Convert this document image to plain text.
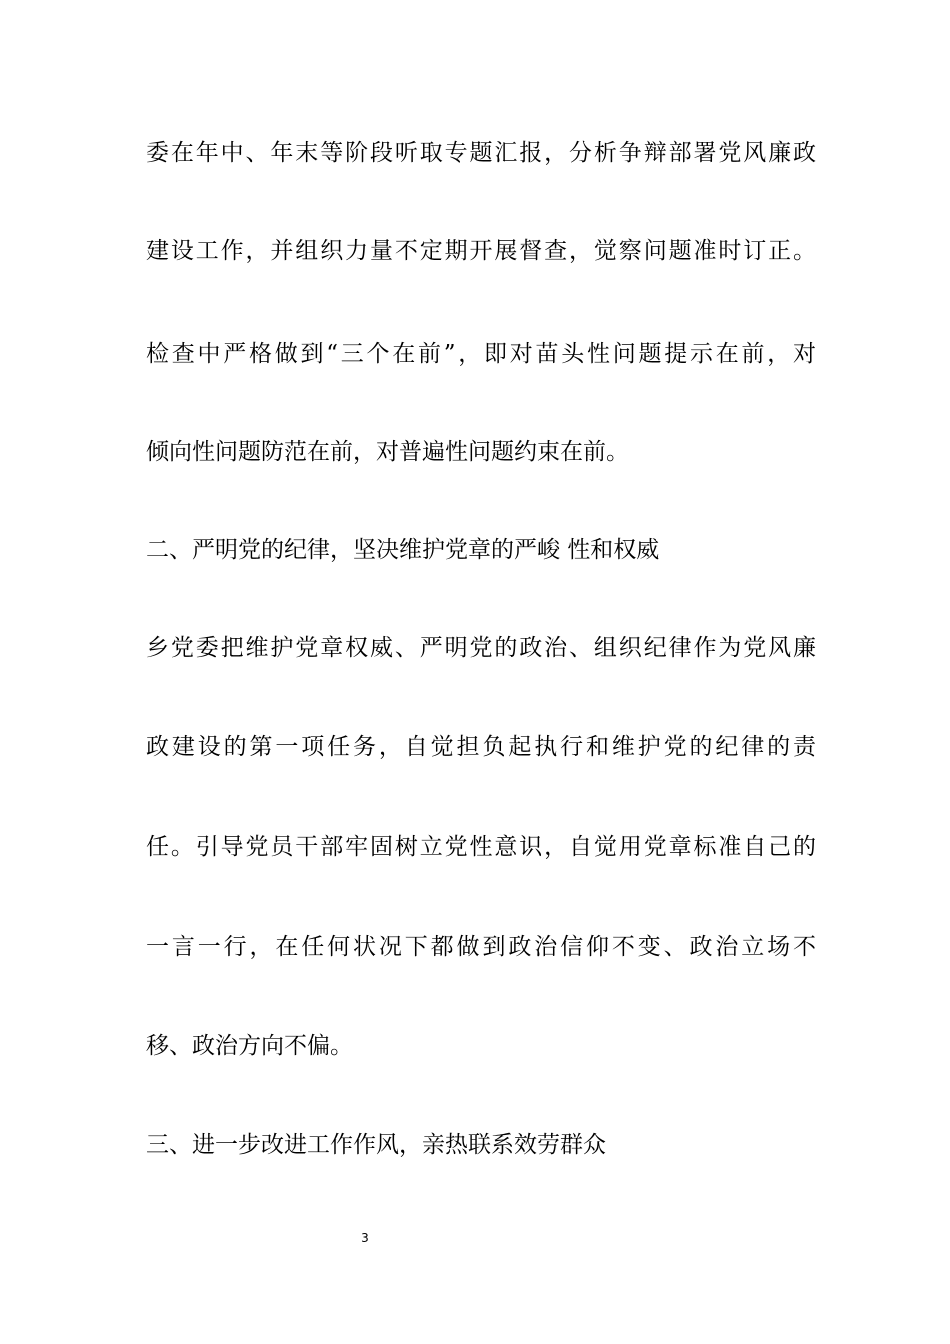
委在年中、年末等阶段听取专题汇报，分析争辩部署党风廉政
建设工作，并组织力量不定期开展督查，觉察问题准时订正。
检查中严格做到“三个在前”，即对苗头性问题提示在前，对
倾向性问题防范在前，对普遍性问题约束在前。
二、严明党的纪律，坚决维护党章的严峻 性和权威
乡党委把维护党章权威、严明党的政治、组织纪律作为党风廉
政建设的第一项任务，自觉担负起执行和维护党的纪律的责
任。引导党员干部牢固树立党性意识，自觉用党章标准自己的
一言一行，在任何状况下都做到政治信仰不变、政治立场不
移、政治方向不偏。
三、进一步改进工作作风，亲热联系效劳群众
3
